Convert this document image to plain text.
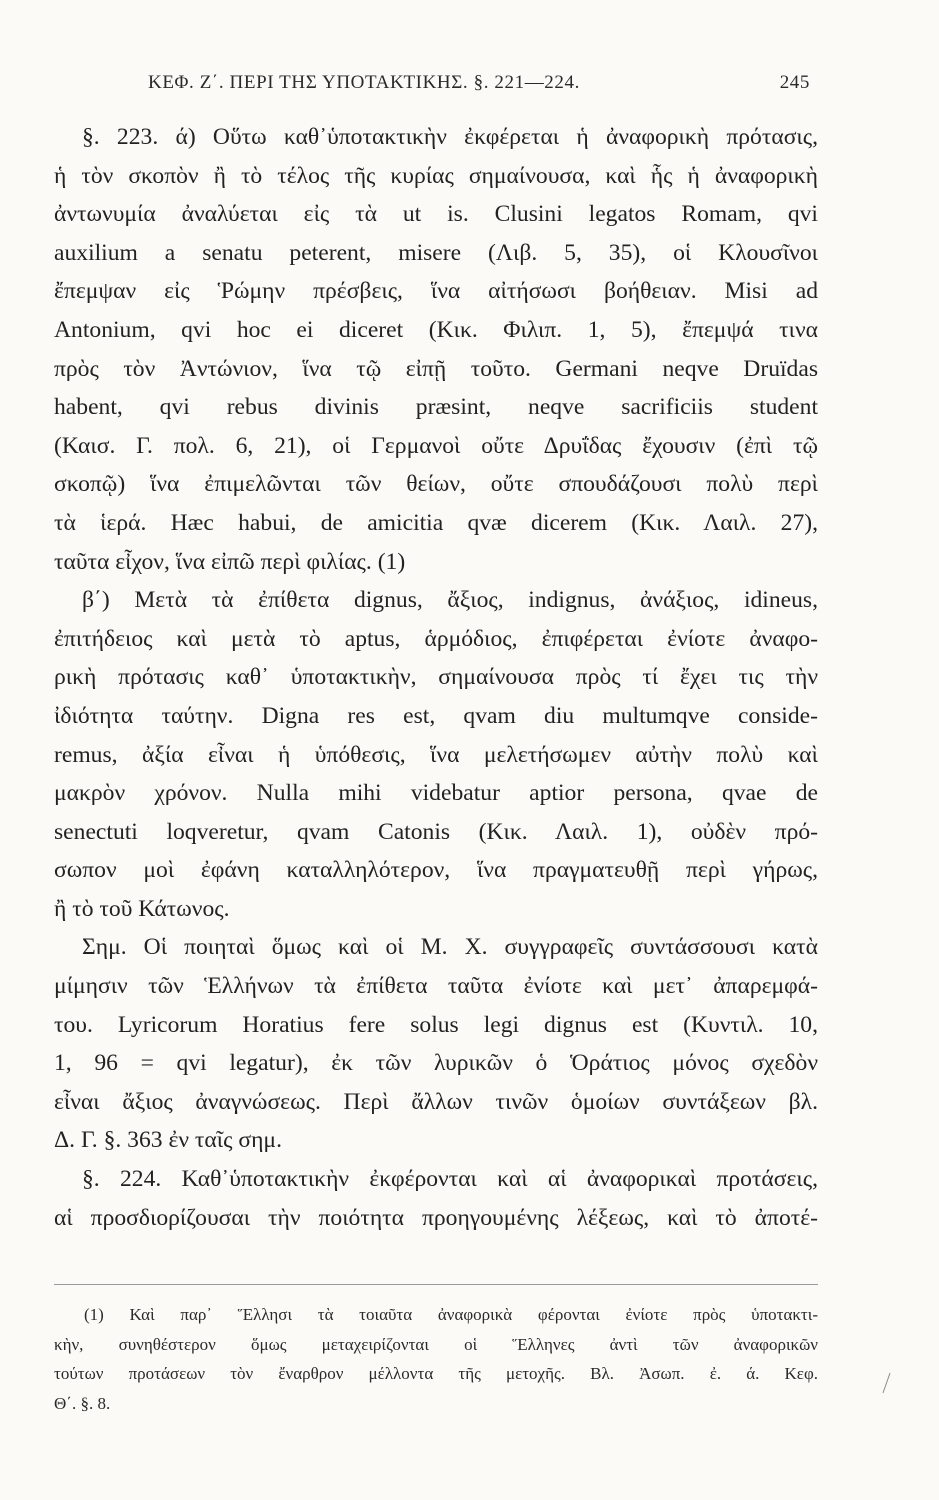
ΚΕΦ. Ζ΄. ΠΕΡΙ ΤΗΣ ΥΠΟΤΑΚΤΙΚΗΣ. §. 221—224.	245
§. 223. ά) Οὕτω καθ᾽ὑποτακτικὴν ἐκφέρεται ἡ ἀναφορικὴ πρότασις,
ἡ τὸν σκοπὸν ἢ τὸ τέλος τῆς κυρίας σημαίνουσα, καὶ ἧς ἡ ἀναφορικὴ
ἀντωνυμία ἀναλύεται εἰς τὰ ut is. Clusini legatos Romam, qvi
auxilium a senatu peterent, misere (Λιβ. 5, 35), οἱ Κλουσῖνοι
ἔπεμψαν εἰς Ῥώμην πρέσβεις, ἵνα αἰτήσωσι βοήθειαν. Misi ad
Antonium, qvi hoc ei diceret (Κικ. Φιλιπ. 1, 5), ἔπεμψά τινα
πρὸς τὸν Ἀντώνιον, ἵνα τῷ εἰπῇ τοῦτο. Germani neqve Druïdas
habent, qvi rebus divinis præsint, neqve sacrificiis student
(Καισ. Γ. πολ. 6, 21), οἱ Γερμανοὶ οὔτε Δρυΐδας ἔχουσιν (ἐπὶ τῷ
σκοπῷ) ἵνα ἐπιμελῶνται τῶν θείων, οὔτε σπουδάζουσι πολὺ περὶ
τὰ ἱερά. Hæc habui, de amicitia qvæ dicerem (Κικ. Λαιλ. 27),
ταῦτα εἶχον, ἵνα εἰπῶ περὶ φιλίας. (1)
β΄) Μετὰ τὰ ἐπίθετα dignus, ἄξιος, indignus, ἀνάξιος, idineus,
ἐπιτήδειος καὶ μετὰ τὸ aptus, ἁρμόδιος, ἐπιφέρεται ἐνίοτε ἀναφο-
ρικὴ πρότασις καθ᾽ ὑποτακτικὴν, σημαίνουσα πρὸς τί ἔχει τις τὴν
ἰδιότητα ταύτην. Digna res est, qvam diu multumqve conside-
remus, ἀξία εἶναι ἡ ὑπόθεσις, ἵνα μελετήσωμεν αὐτὴν πολὺ καὶ
μακρὸν χρόνον. Nulla mihi videbatur aptior persona, qvae de
senectuti loqveretur, qvam Catonis (Κικ. Λαιλ. 1), οὐδὲν πρό-
σωπον μοὶ ἐφάνη καταλληλότερον, ἵνα πραγματευθῇ περὶ γήρως,
ἢ τὸ τοῦ Κάτωνος.
Σημ. Οἱ ποιηταὶ ὅμως καὶ οἱ Μ. Χ. συγγραφεῖς συντάσσουσι κατὰ
μίμησιν τῶν Ἑλλήνων τὰ ἐπίθετα ταῦτα ἐνίοτε καὶ μετ᾽ ἀπαρεμφά-
του. Lyricorum Horatius fere solus legi dignus est (Κυντιλ. 10,
1, 96 = qvi legatur), ἐκ τῶν λυρικῶν ὁ Ὁράτιος μόνος σχεδὸν
εἶναι ἄξιος ἀναγνώσεως. Περὶ ἄλλων τινῶν ὁμοίων συντάξεων βλ.
Δ. Γ. §. 363 ἐν ταῖς σημ.
§. 224. Καθ᾽ὑποτακτικὴν ἐκφέρονται καὶ αἱ ἀναφορικαὶ προτάσεις,
αἱ προσδιορίζουσαι τὴν ποιότητα προηγουμένης λέξεως, καὶ τὸ ἀποτέ-
(1) Καὶ παρ᾽ Ἕλλησι τὰ τοιαῦτα ἀναφορικὰ φέρονται ἐνίοτε πρὸς ὑποτακτι-
κὴν, συνηθέστερον ὅμως μεταχειρίζονται οἱ Ἕλληνες ἀντὶ τῶν ἀναφορικῶν
τούτων προτάσεων τὸν ἔναρθρον μέλλοντα τῆς μετοχῆς. Βλ. Ἀσωπ. ἐ. ά. Κεφ.
Θ΄. §. 8.
